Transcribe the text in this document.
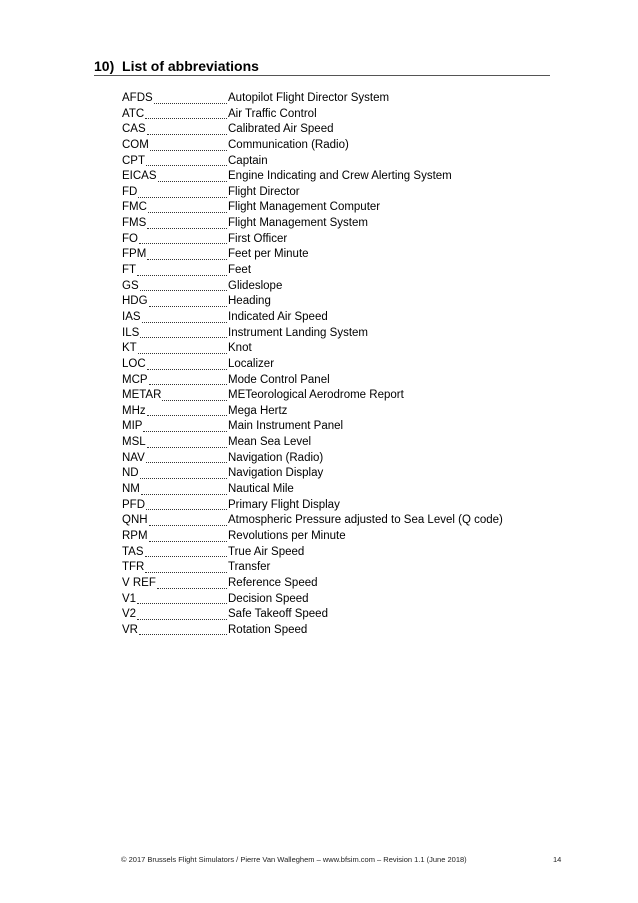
10) List of abbreviations
AFDS	Autopilot Flight Director System
ATC	Air Traffic Control
CAS	Calibrated Air Speed
COM	Communication (Radio)
CPT	Captain
EICAS	Engine Indicating and Crew Alerting System
FD	Flight Director
FMC	Flight Management Computer
FMS	Flight Management System
FO	First Officer
FPM	Feet per Minute
FT	Feet
GS	Glideslope
HDG	Heading
IAS	Indicated Air Speed
ILS	Instrument Landing System
KT	Knot
LOC	Localizer
MCP	Mode Control Panel
METAR	METeorological Aerodrome Report
MHz	Mega Hertz
MIP	Main Instrument Panel
MSL	Mean Sea Level
NAV	Navigation (Radio)
ND	Navigation Display
NM	Nautical Mile
PFD	Primary Flight Display
QNH	Atmospheric Pressure adjusted to Sea Level (Q code)
RPM	Revolutions per Minute
TAS	True Air Speed
TFR	Transfer
V REF	Reference Speed
V1	Decision Speed
V2	Safe Takeoff Speed
VR	Rotation Speed
© 2017 Brussels Flight Simulators / Pierre Van Walleghem – www.bfsim.com – Revision 1.1 (June 2018)	14
